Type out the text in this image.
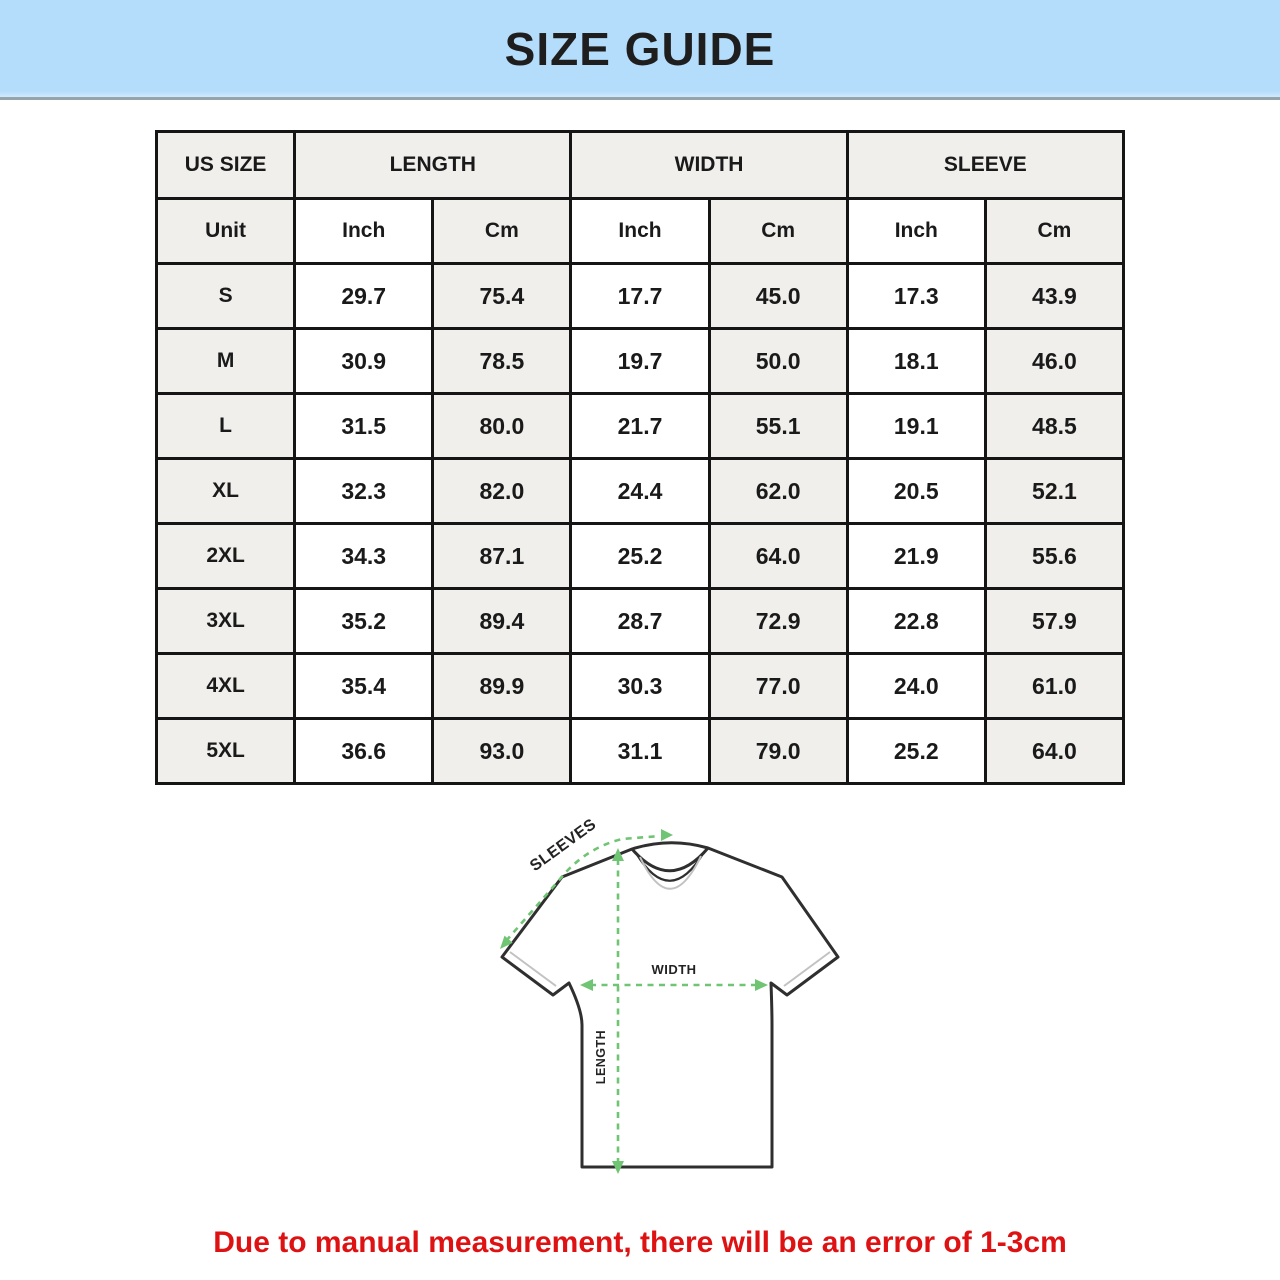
SIZE GUIDE
US SIZE	LENGTH		WIDTH		SLEEVE	
Unit	Inch	Cm	Inch	Cm	Inch	Cm
S	29.7	75.4	17.7	45.0	17.3	43.9
M	30.9	78.5	19.7	50.0	18.1	46.0
L	31.5	80.0	21.7	55.1	19.1	48.5
XL	32.3	82.0	24.4	62.0	20.5	52.1
2XL	34.3	87.1	25.2	64.0	21.9	55.6
3XL	35.2	89.4	28.7	72.9	22.8	57.9
4XL	35.4	89.9	30.3	77.0	24.0	61.0
5XL	36.6	93.0	31.1	79.0	25.2	64.0
SLEEVES
WIDTH
LENGTH

Due to manual measurement, there will be an error of 1-3cm
